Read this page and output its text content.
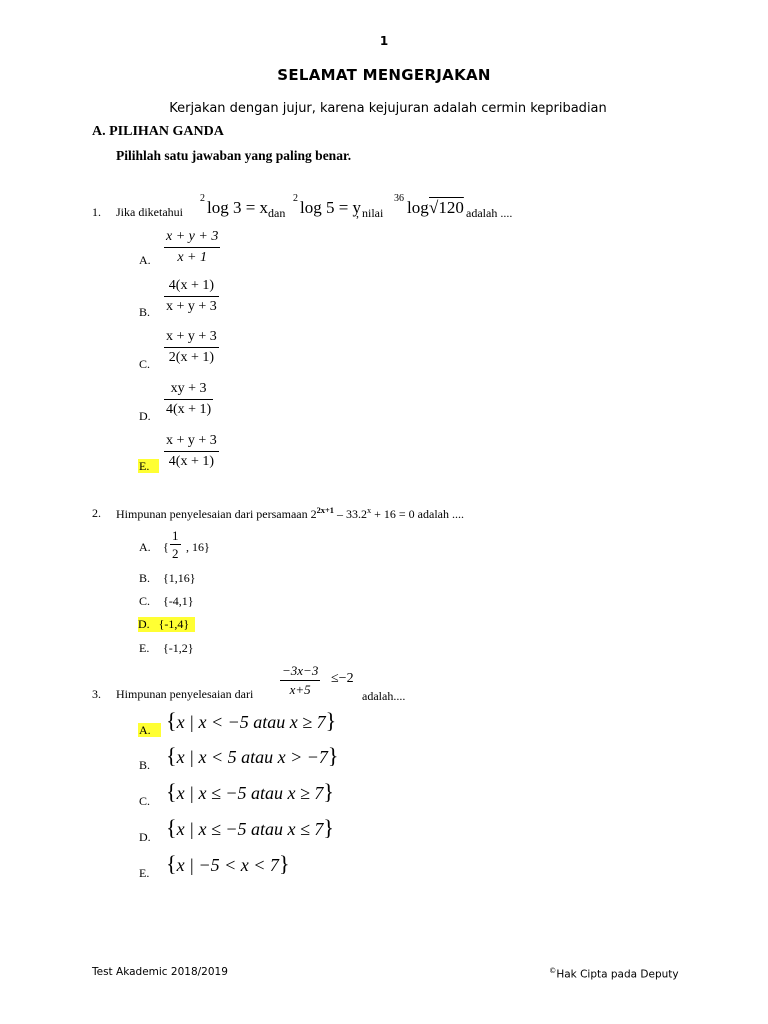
1
SELAMAT MENGERJAKAN
Kerjakan dengan jujur, karena kejujuran adalah cermin kepribadian
A. PILIHAN GANDA
Pilihlah satu jawaban yang paling benar.
1. Jika diketahui
2 log 3 = x dan
2 log 5 = y
, nilai
36 log √120 adalah ....
A.
x + y + 3
x + 1
B.
4(x + 1)
x + y + 3
C.
x + y + 3
2(x + 1)
D.
xy + 3
4(x + 1)
E.
x + y + 3
4(x + 1)
2. Himpunan penyelesaian dari persamaan $2^{2x+1} - 33.2^x + 16 = 0$ adalah ....
A. {
1
2 , 16}
B. {1,16}
C. {-4,1}
D. {-1,4}
E. {-1,2}
3. Himpunan penyelesaian dari
−3x−3
x+5
≤−2
adalah....
A. {x | x < −5 atau x ≥ 7}
B. {x | x < 5 atau x > −7}
C. {x | x ≤ −5 atau x ≥ 7}
D. {x | x ≤ −5 atau x ≤ 7}
E. {x | −5 < x < 7}
Test Akademic 2018/2019	©Hak Cipta pada Deputy
